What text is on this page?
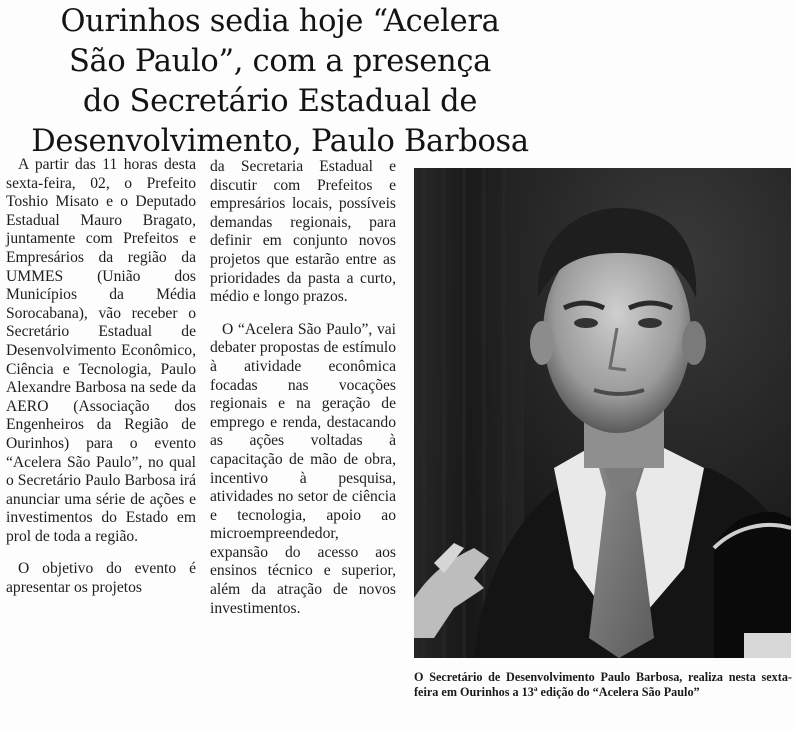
Ourinhos sedia hoje “Acelera
São Paulo”, com a presença
do Secretário Estadual de
Desenvolvimento, Paulo Barbosa

A partir das 11 horas desta sexta-feira, 02, o Prefeito Toshio Misato e o Deputado Estadual Mauro Bragato, juntamente com Prefeitos e Empresários da região da UMMES (União dos Municípios da Média Sorocabana), vão receber o Secretário Estadual de Desenvolvimento Econômico, Ciência e Tecnologia, Paulo Alexandre Barbosa na sede da AERO (Associação dos Engenheiros da Região de Ourinhos) para o evento “Acelera São Paulo”, no qual o Secretário Paulo Barbosa irá anunciar uma série de ações e investimentos do Estado em prol de toda a região.

O objetivo do evento é apresentar os projetos

da Secretaria Estadual e discutir com Prefeitos e empresários locais, possíveis demandas regionais, para definir em conjunto novos projetos que estarão entre as prioridades da pasta a curto, médio e longo prazos.

O “Acelera São Paulo”, vai debater propostas de estímulo à atividade econômica focadas nas vocações regionais e na geração de emprego e renda, destacando as ações voltadas à capacitação de mão de obra, incentivo à pesquisa, atividades no setor de ciência e tecnologia, apoio ao microempreendedor, expansão do acesso aos ensinos técnico e superior, além da atração de novos investimentos.

O Secretário de Desenvolvimento Paulo Barbosa, realiza nesta sexta-feira em Ourinhos a 13ª edição do “Acelera São Paulo”
